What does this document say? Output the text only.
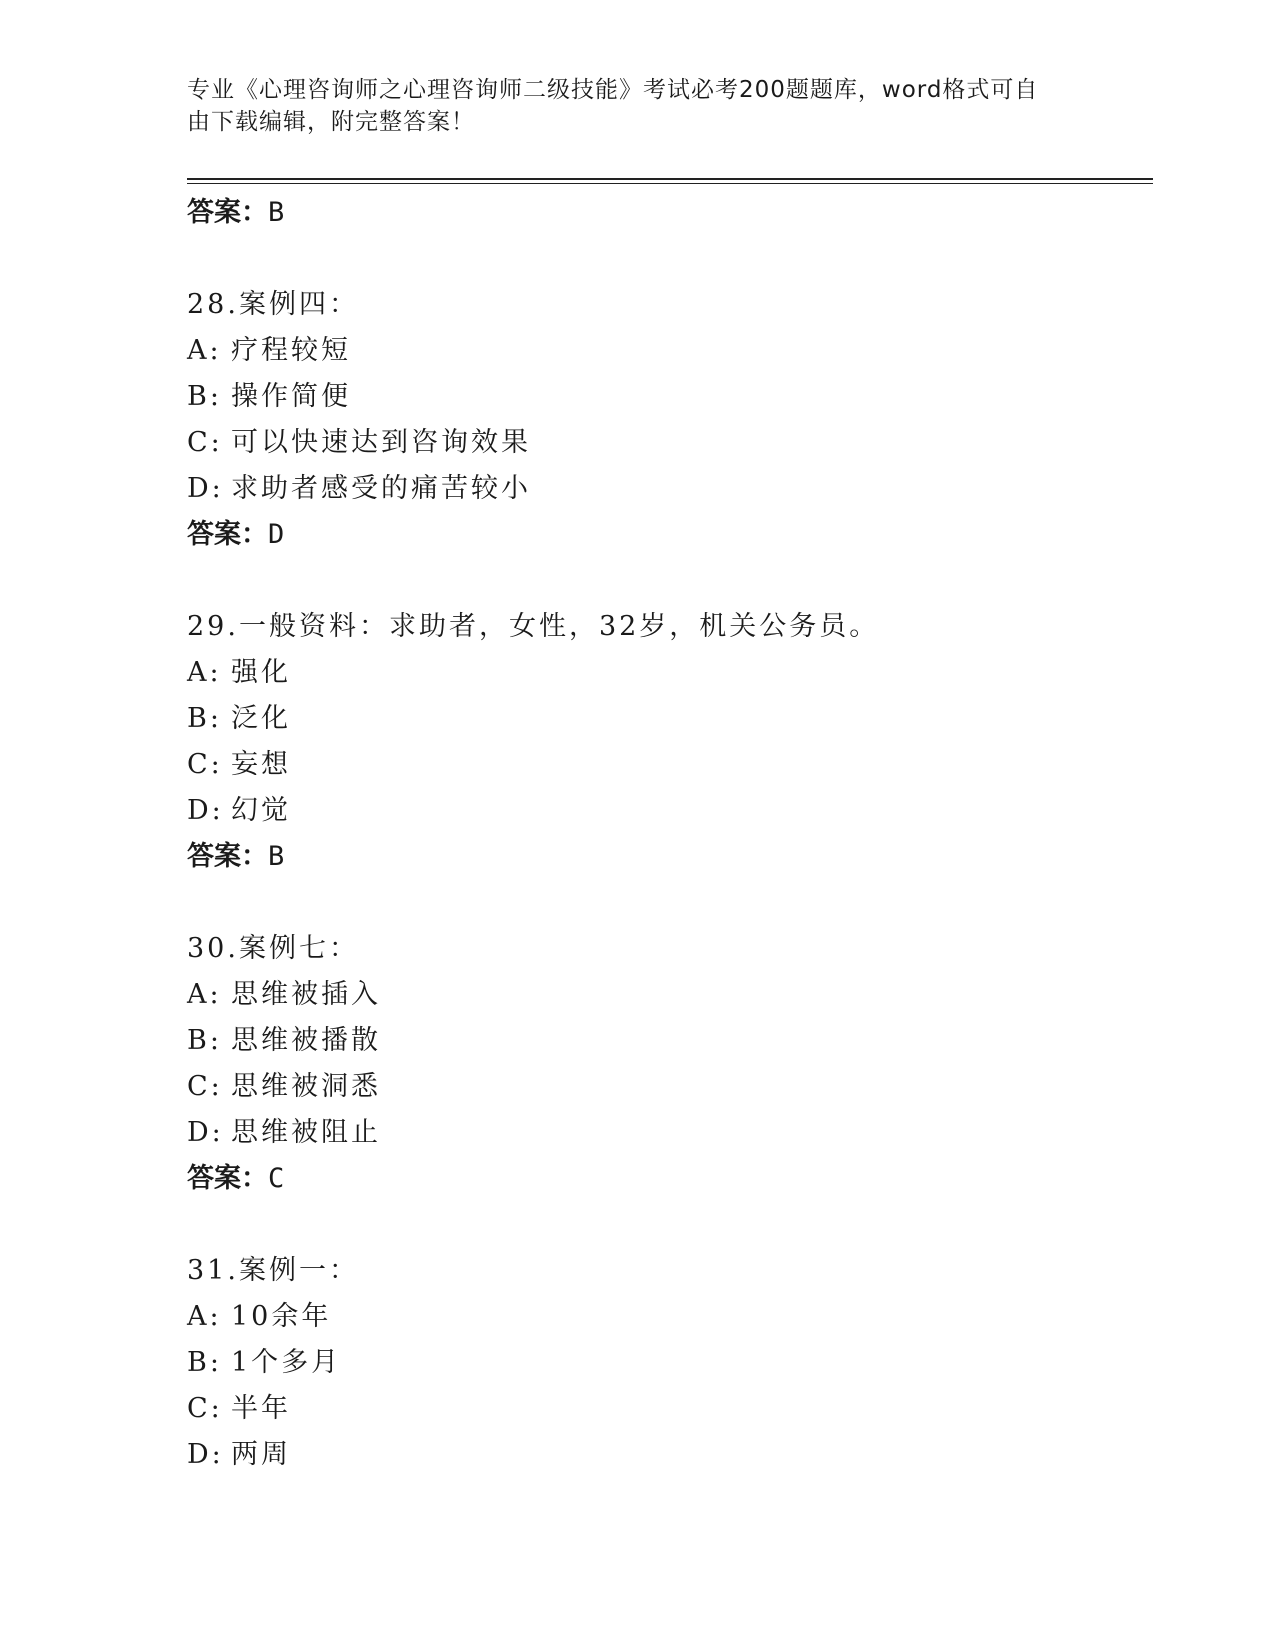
专业《心理咨询师之心理咨询师二级技能》考试必考200题题库，word格式可自
由下载编辑，附完整答案！
答案：B
28.案例四：
A: 疗程较短
B: 操作简便
C: 可以快速达到咨询效果
D: 求助者感受的痛苦较小
答案：D
29.一般资料：求助者，女性，32岁，机关公务员。
A: 强化
B: 泛化
C: 妄想
D: 幻觉
答案：B
30.案例七：
A: 思维被插入
B: 思维被播散
C: 思维被洞悉
D: 思维被阻止
答案：C
31.案例一：
A: 10余年
B: 1个多月
C: 半年
D: 两周
